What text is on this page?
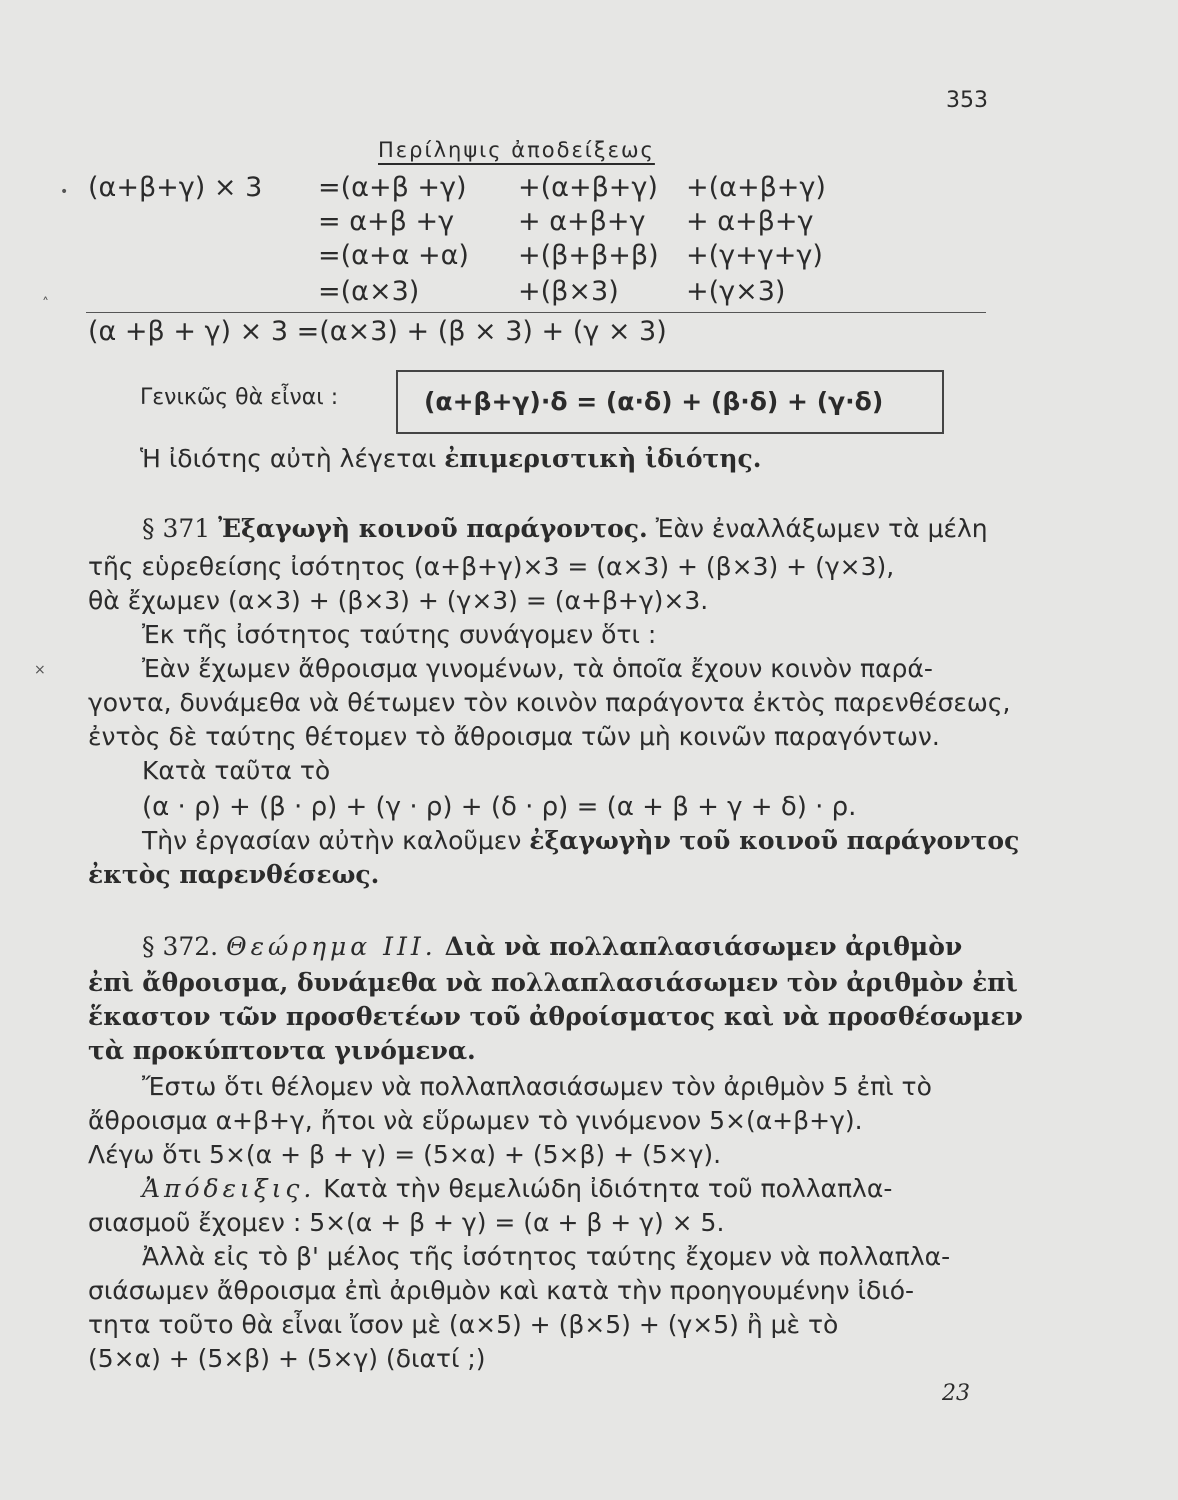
353
Περίληψις ἀποδείξεως
(α+β+γ) × 3 =(α+β +γ) +(α+β+γ) +(α+β+γ)
= α+β +γ + α+β+γ + α+β+γ
=(α+α +α) +(β+β+β) +(γ+γ+γ)
=(α×3)	+(β×3) +(γ×3)
(α +β + γ) × 3 =(α×3) + (β × 3) + (γ × 3)
Γενικῶς θὰ εἶναι :	(α+β+γ)·δ = (α·δ) + (β·δ) + (γ·δ)
Ἡ ἰδιότης αὐτὴ λέγεται ἐπιμεριστικὴ ἰδιότης.
§ 371 Ἐξαγωγὴ κοινοῦ παράγοντος. Ἐὰν ἐναλλάξωμεν τὰ μέλη
τῆς εὑρεθείσης ἰσότητος (α+β+γ)×3 = (α×3) + (β×3) + (γ×3),
θὰ ἔχωμεν (α×3) + (β×3) + (γ×3) = (α+β+γ)×3.
Ἐκ τῆς ἰσότητος ταύτης συνάγομεν ὅτι :
Ἐὰν ἔχωμεν ἄθροισμα γινομένων, τὰ ὁποῖα ἔχουν κοινὸν παρά-
γοντα, δυνάμεθα νὰ θέτωμεν τὸν κοινὸν παράγοντα ἐκτὸς παρενθέσεως,
ἐντὸς δὲ ταύτης θέτομεν τὸ ἄθροισμα τῶν μὴ κοινῶν παραγόντων.
Κατὰ ταῦτα τὸ
(α · ρ) + (β · ρ) + (γ · ρ) + (δ · ρ) = (α + β + γ + δ) · ρ.
Τὴν ἐργασίαν αὐτὴν καλοῦμεν ἐξαγωγὴν τοῦ κοινοῦ παράγοντος
ἐκτὸς παρενθέσεως.
§ 372. Θεώρημα ΙΙΙ. Διὰ νὰ πολλαπλασιάσωμεν ἀριθμὸν
ἐπὶ ἄθροισμα, δυνάμεθα νὰ πολλαπλασιάσωμεν τὸν ἀριθμὸν ἐπὶ
ἕκαστον τῶν προσθετέων τοῦ ἀθροίσματος καὶ νὰ προσθέσωμεν
τὰ προκύπτοντα γινόμενα.
Ἔστω ὅτι θέλομεν νὰ πολλαπλασιάσωμεν τὸν ἀριθμὸν 5 ἐπὶ τὸ
ἄθροισμα α+β+γ, ἤτοι νὰ εὕρωμεν τὸ γινόμενον 5×(α+β+γ).
Λέγω ὅτι 5×(α + β + γ) = (5×α) + (5×β) + (5×γ).
Ἀπόδειξις. Κατὰ τὴν θεμελιώδη ἰδιότητα τοῦ πολλαπλα-
σιασμοῦ ἔχομεν : 5×(α + β + γ) = (α + β + γ) × 5.
Ἀλλὰ εἰς τὸ β' μέλος τῆς ἰσότητος ταύτης ἔχομεν νὰ πολλαπλα-
σιάσωμεν ἄθροισμα ἐπὶ ἀριθμὸν καὶ κατὰ τὴν προηγουμένην ἰδιό-
τητα τοῦτο θὰ εἶναι ἴσον μὲ (α×5) + (β×5) + (γ×5) ἢ μὲ τὸ
(5×α) + (5×β) + (5×γ) (διατί ;)
23
•
˄
×
